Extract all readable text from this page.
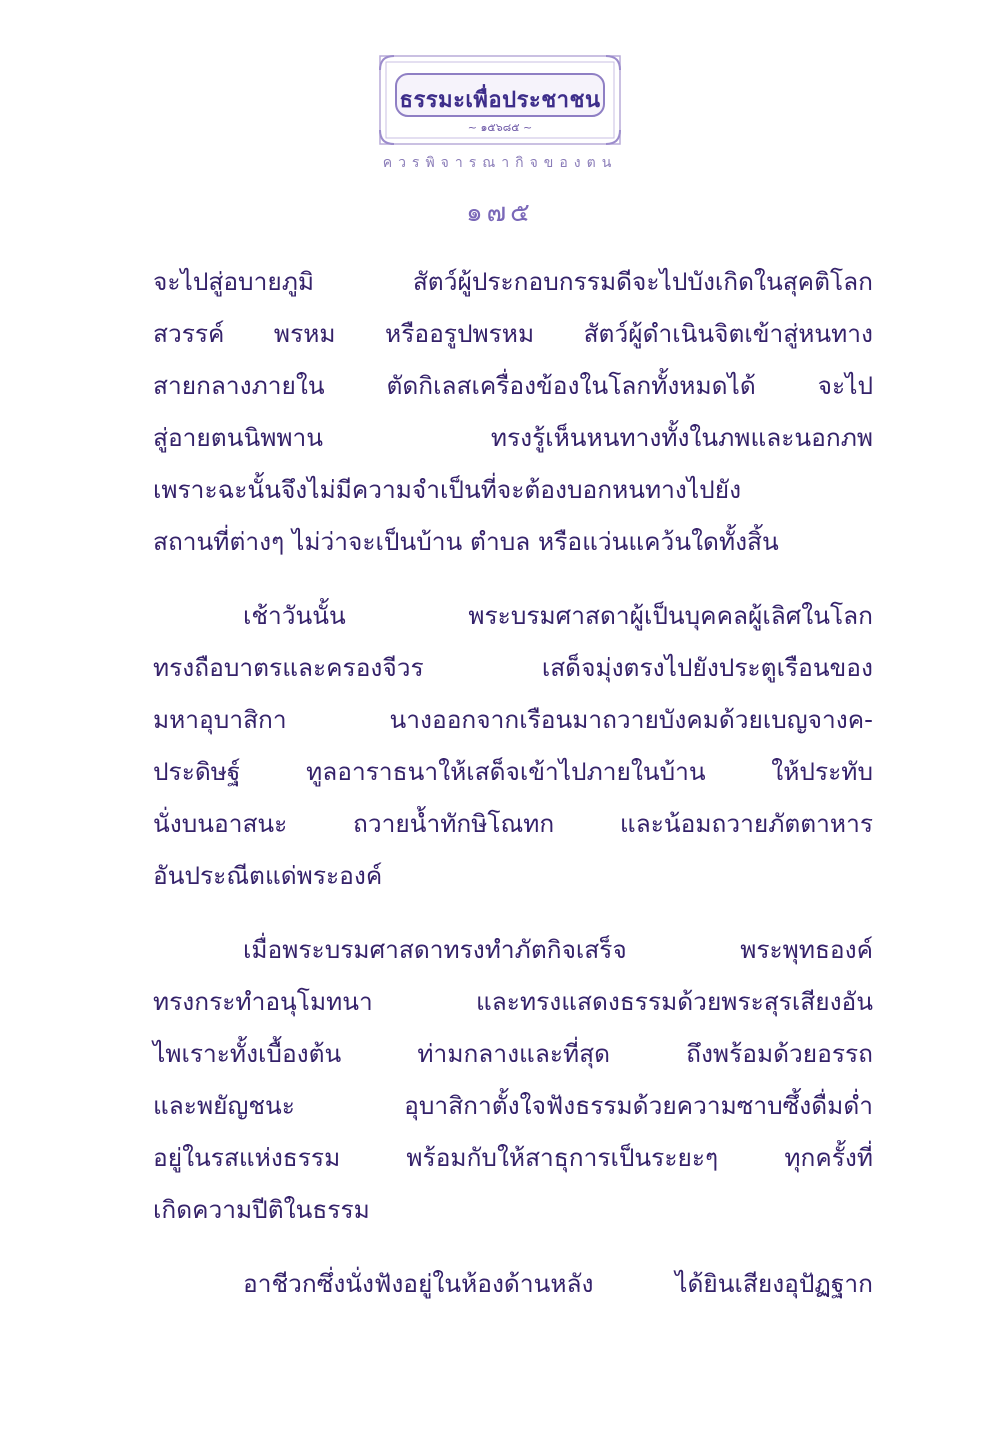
ธรรมะเพื่อประชาชน
~ ๑๕๖๘๕ ~
ควรพิจารณากิจของตน
๑๗๕
จะไปสู่อบายภูมิ สัตว์ผู้ประกอบกรรมดีจะไปบังเกิดในสุคติโลก
สวรรค์ พรหม หรืออรูปพรหม สัตว์ผู้ดำเนินจิตเข้าสู่หนทาง
สายกลางภายใน ตัดกิเลสเครื่องข้องในโลกทั้งหมดได้ จะไป
สู่อายตนนิพพาน ทรงรู้เห็นหนทางทั้งในภพและนอกภพ
เพราะฉะนั้นจึงไม่มีความจำเป็นที่จะต้องบอกหนทางไปยัง
สถานที่ต่างๆ ไม่ว่าจะเป็นบ้าน ตำบล หรือแว่นแคว้นใดทั้งสิ้น
เช้าวันนั้น พระบรมศาสดาผู้เป็นบุคคลผู้เลิศในโลก
ทรงถือบาตรและครองจีวร เสด็จมุ่งตรงไปยังประตูเรือนของ
มหาอุบาสิกา นางออกจากเรือนมาถวายบังคมด้วยเบญจางค-
ประดิษฐ์ ทูลอาราธนาให้เสด็จเข้าไปภายในบ้าน ให้ประทับ
นั่งบนอาสนะ ถวายน้ำทักษิโณทก และน้อมถวายภัตตาหาร
อันประณีตแด่พระองค์
เมื่อพระบรมศาสดาทรงทำภัตกิจเสร็จ พระพุทธองค์
ทรงกระทำอนุโมทนา และทรงแสดงธรรมด้วยพระสุรเสียงอัน
ไพเราะทั้งเบื้องต้น ท่ามกลางและที่สุด ถึงพร้อมด้วยอรรถ
และพยัญชนะ อุบาสิกาตั้งใจฟังธรรมด้วยความซาบซึ้งดื่มด่ำ
อยู่ในรสแห่งธรรม พร้อมกับให้สาธุการเป็นระยะๆ ทุกครั้งที่
เกิดความปีติในธรรม
อาชีวกซึ่งนั่งฟังอยู่ในห้องด้านหลัง ได้ยินเสียงอุปัฏฐาก
